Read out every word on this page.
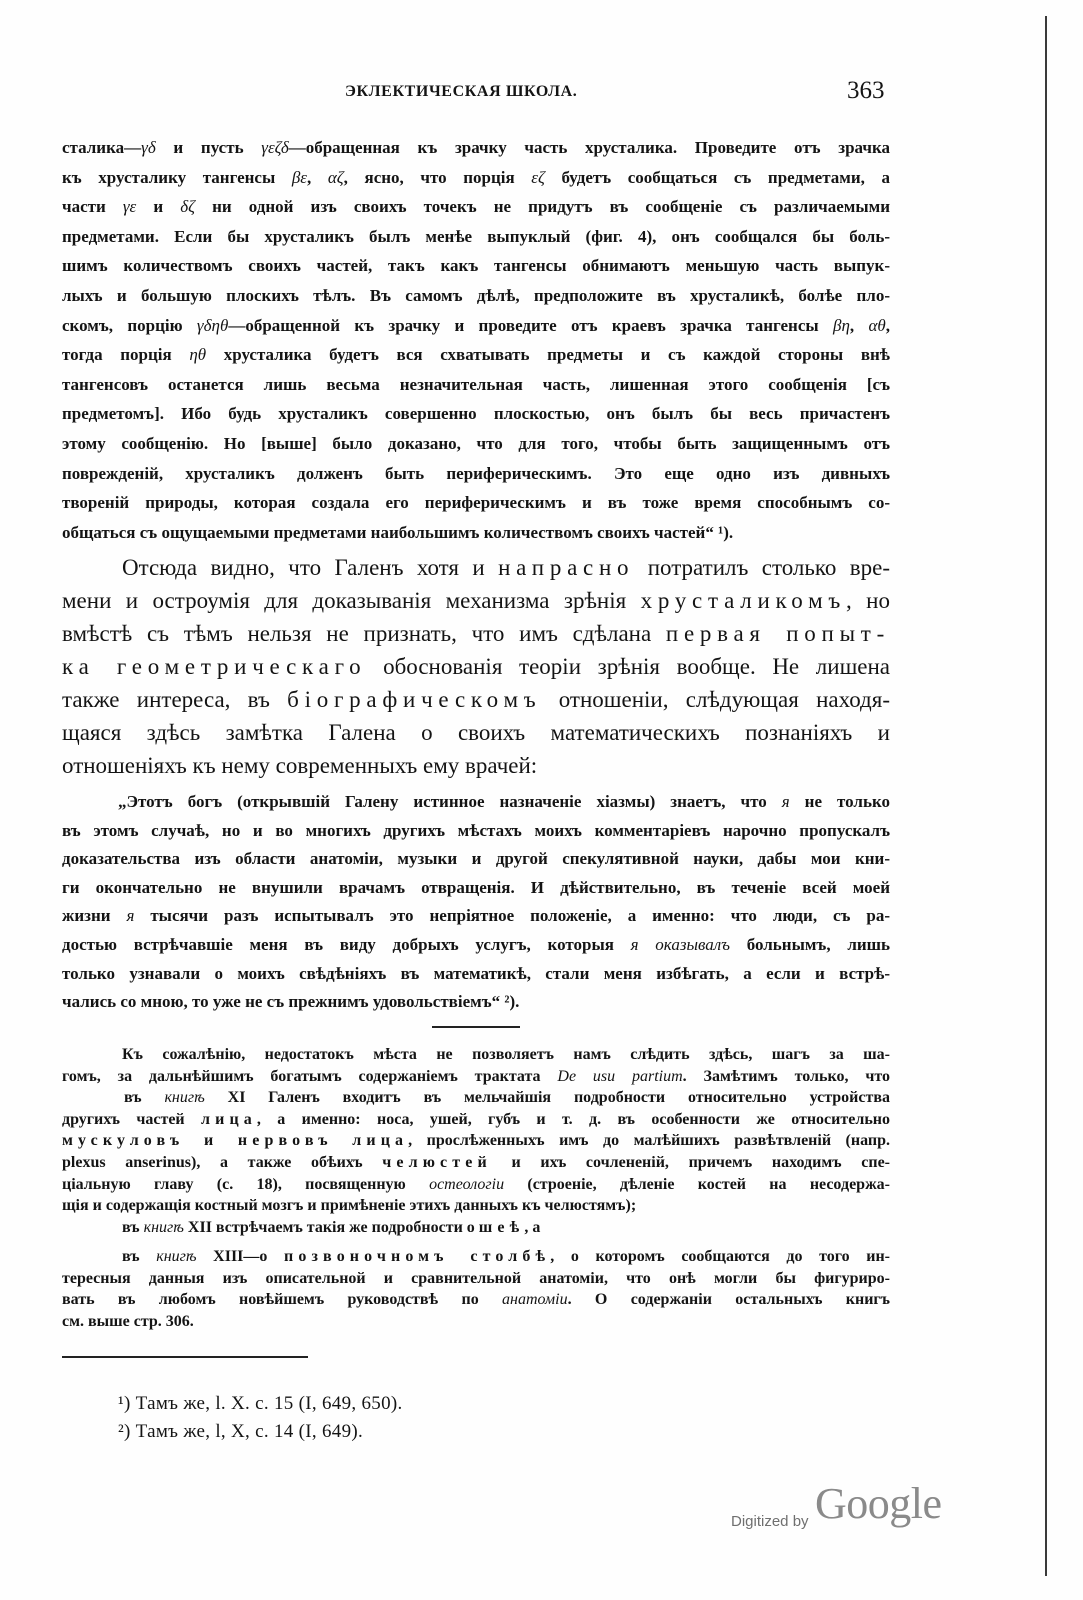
ЭКЛЕКТИЧЕСКАЯ ШКОЛА.	363
сталика—γδ и пусть γεζδ—обращенная къ зрачку часть хрусталика. Проведите отъ зрачка
къ хрусталику тангенсы βε, αζ, ясно, что порція εζ будетъ сообщаться съ предметами, а
части γε и δζ ни одной изъ своихъ точекъ не придутъ въ сообщеніе съ различаемыми
предметами. Если бы хрусталикъ былъ менѣе выпуклый (фиг. 4), онъ сообщался бы боль-
шимъ количествомъ своихъ частей, такъ какъ тангенсы обнимаютъ меньшую часть выпук-
лыхъ и большую плоскихъ тѣлъ. Въ самомъ дѣлѣ, предположите въ хрусталикѣ, болѣе пло-
скомъ, порцію γδηθ—обращенной къ зрачку и проведите отъ краевъ зрачка тангенсы βη, αθ,
тогда порція ηθ хрусталика будетъ вся схватывать предметы и съ каждой стороны внѣ
тангенсовъ останется лишь весьма незначительная часть, лишенная этого сообщенія [съ
предметомъ]. Ибо будь хрусталикъ совершенно плоскостью, онъ былъ бы весь причастенъ
этому сообщенію. Но [выше] было доказано, что для того, чтобы быть защищеннымъ отъ
поврежденій, хрусталикъ долженъ быть периферическимъ. Это еще одно изъ дивныхъ
твореній природы, которая создала его периферическимъ и въ тоже время способнымъ со-
общаться съ ощущаемыми предметами наибольшимъ количествомъ своихъ частей“ ¹).
Отсюда видно, что Галенъ хотя и напрасно потратилъ столько вре-
мени и остроумія для доказыванія механизма зрѣнія хрусталикомъ, но
вмѣстѣ съ тѣмъ нельзя не признать, что имъ сдѣлана первая попыт-
ка геометрическаго обоснованія теоріи зрѣнія вообще. Не лишена
также интереса, въ біографическомъ отношеніи, слѣдующая находя-
щаяся здѣсь замѣтка Галена о своихъ математическихъ познаніяхъ и
отношеніяхъ къ нему современныхъ ему врачей:
„Этотъ богъ (открывшій Галену истинное назначеніе хіазмы) знаетъ, что я не только
въ этомъ случаѣ, но и во многихъ другихъ мѣстахъ моихъ комментаріевъ нарочно пропускалъ
доказательства изъ области анатоміи, музыки и другой спекулятивной науки, дабы мои кни-
ги окончательно не внушили врачамъ отвращенія. И дѣйствительно, въ теченіе всей моей
жизни я тысячи разъ испытывалъ это непріятное положеніе, а именно: что люди, съ ра-
достью встрѣчавшіе меня въ виду добрыхъ услугъ, которыя я оказывалъ больнымъ, лишь
только узнавали о моихъ свѣдѣніяхъ въ математикѣ, стали меня избѣгать, а если и встрѣ-
чались со мною, то уже не съ прежнимъ удовольствіемъ“ ²).
Къ сожалѣнію, недостатокъ мѣста не позволяетъ намъ слѣдить здѣсь, шагъ за ша-
гомъ, за дальнѣйшимъ богатымъ содержаніемъ трактата De usu partium. Замѣтимъ только, что
въ книгѣ XI Галенъ входитъ въ мельчайшія подробности относительно устройства
другихъ частей лица, а именно: носа, ушей, губъ и т. д. въ особенности же относительно
мускуловъ и нервовъ лица, прослѣженныхъ имъ до малѣйшихъ развѣтвленій (напр.
plexus anserinus), а также обѣихъ челюстей и ихъ сочлененій, причемъ находимъ спе-
ціальную главу (с. 18), посвященную остеологіи (строеніе, дѣленіе костей на несодержа-
щія и содержащія костный мозгъ и примѣненіе этихъ данныхъ къ челюстямъ);
въ книгѣ XII встрѣчаемъ такія же подробности о шеѣ, а
въ книгѣ XIII—о позвоночномъ столбѣ, о которомъ сообщаются до того ин-
тересныя данныя изъ описательной и сравнительной анатоміи, что онѣ могли бы фигуриро-
вать въ любомъ новѣйшемъ руководствѣ по анатоміи. О содержаніи остальныхъ книгъ
см. выше стр. 306.
¹) Тамъ же, l. X. c. 15 (I, 649, 650).
²) Тамъ же, l, X, c. 14 (I, 649).
Digitized by Google
